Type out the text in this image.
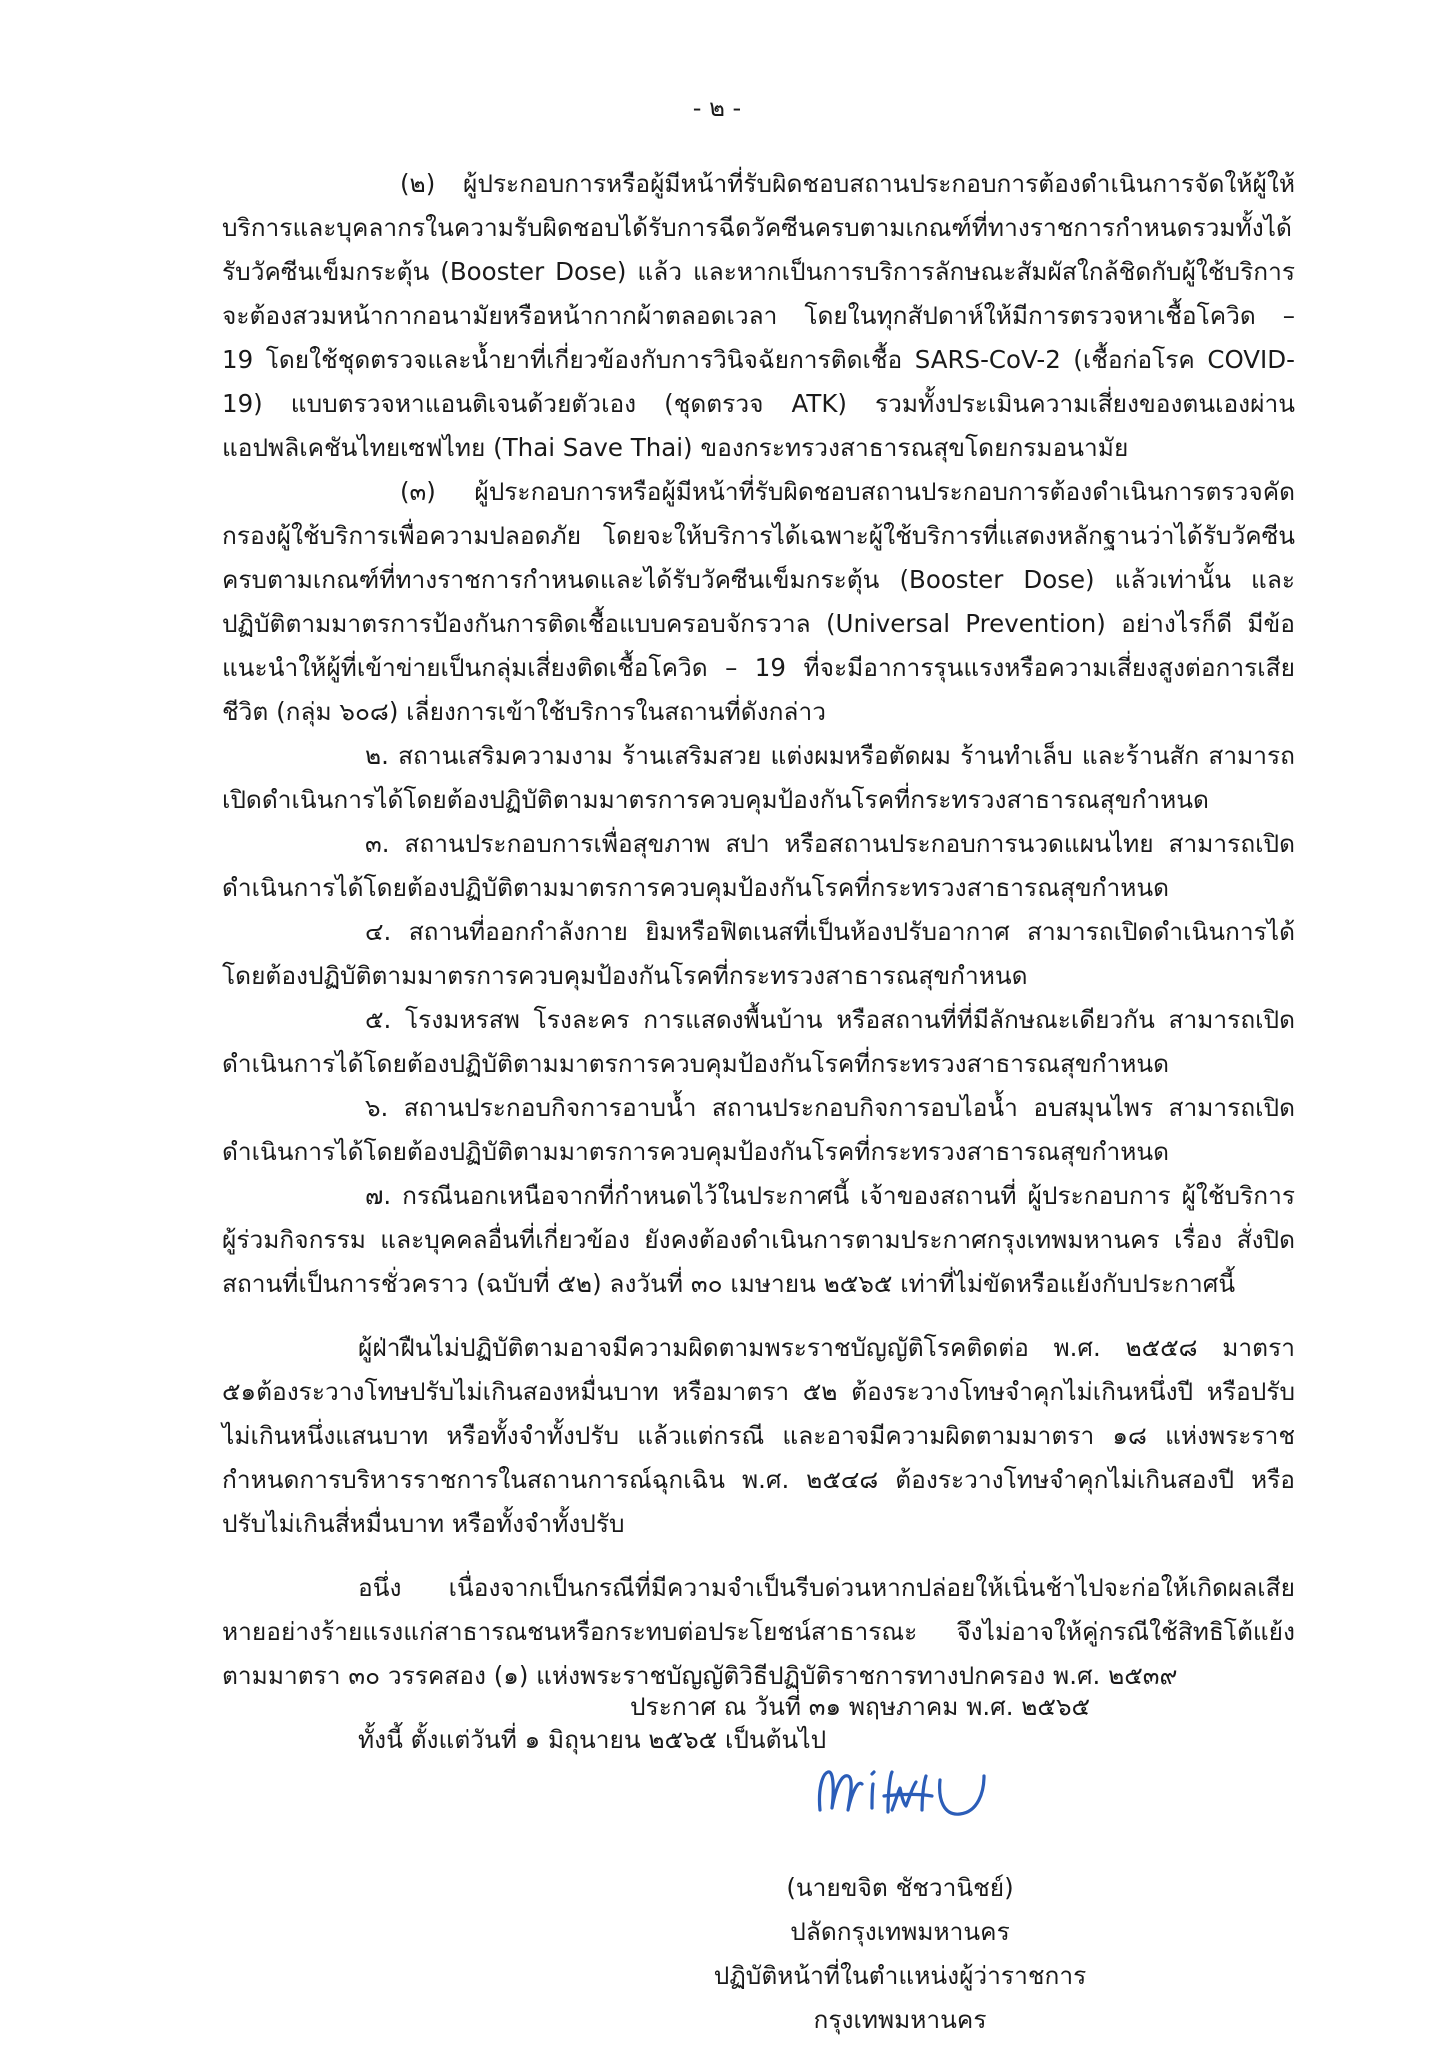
- ๒ -

(๒) ผู้ประกอบการหรือผู้มีหน้าที่รับผิดชอบสถานประกอบการต้องดำเนินการจัดให้ผู้ให้บริการและบุคลากรในความรับผิดชอบได้รับการฉีดวัคซีนครบตามเกณฑ์ที่ทางราชการกำหนดรวมทั้งได้รับวัคซีนเข็มกระตุ้น (Booster Dose) แล้ว และหากเป็นการบริการลักษณะสัมผัสใกล้ชิดกับผู้ใช้บริการจะต้องสวมหน้ากากอนามัยหรือหน้ากากผ้าตลอดเวลา โดยในทุกสัปดาห์ให้มีการตรวจหาเชื้อโควิด – 19 โดยใช้ชุดตรวจและน้ำยาที่เกี่ยวข้องกับการวินิจฉัยการติดเชื้อ SARS-CoV-2 (เชื้อก่อโรค COVID-19) แบบตรวจหาแอนติเจนด้วยตัวเอง (ชุดตรวจ ATK) รวมทั้งประเมินความเสี่ยงของตนเองผ่านแอปพลิเคชันไทยเซฟไทย (Thai Save Thai) ของกระทรวงสาธารณสุขโดยกรมอนามัย

(๓) ผู้ประกอบการหรือผู้มีหน้าที่รับผิดชอบสถานประกอบการต้องดำเนินการตรวจคัดกรองผู้ใช้บริการเพื่อความปลอดภัย โดยจะให้บริการได้เฉพาะผู้ใช้บริการที่แสดงหลักฐานว่าได้รับวัคซีนครบตามเกณฑ์ที่ทางราชการกำหนดและได้รับวัคซีนเข็มกระตุ้น (Booster Dose) แล้วเท่านั้น และปฏิบัติตามมาตรการป้องกันการติดเชื้อแบบครอบจักรวาล (Universal Prevention) อย่างไรก็ดี มีข้อแนะนำให้ผู้ที่เข้าข่ายเป็นกลุ่มเสี่ยงติดเชื้อโควิด – 19 ที่จะมีอาการรุนแรงหรือความเสี่ยงสูงต่อการเสียชีวิต (กลุ่ม ๖๐๘) เลี่ยงการเข้าใช้บริการในสถานที่ดังกล่าว

๒. สถานเสริมความงาม ร้านเสริมสวย แต่งผมหรือตัดผม ร้านทำเล็บ และร้านสัก สามารถเปิดดำเนินการได้โดยต้องปฏิบัติตามมาตรการควบคุมป้องกันโรคที่กระทรวงสาธารณสุขกำหนด

๓. สถานประกอบการเพื่อสุขภาพ สปา หรือสถานประกอบการนวดแผนไทย สามารถเปิดดำเนินการได้โดยต้องปฏิบัติตามมาตรการควบคุมป้องกันโรคที่กระทรวงสาธารณสุขกำหนด

๔. สถานที่ออกกำลังกาย ยิมหรือฟิตเนสที่เป็นห้องปรับอากาศ สามารถเปิดดำเนินการได้โดยต้องปฏิบัติตามมาตรการควบคุมป้องกันโรคที่กระทรวงสาธารณสุขกำหนด

๕. โรงมหรสพ โรงละคร การแสดงพื้นบ้าน หรือสถานที่ที่มีลักษณะเดียวกัน สามารถเปิดดำเนินการได้โดยต้องปฏิบัติตามมาตรการควบคุมป้องกันโรคที่กระทรวงสาธารณสุขกำหนด

๖. สถานประกอบกิจการอาบน้ำ สถานประกอบกิจการอบไอน้ำ อบสมุนไพร สามารถเปิดดำเนินการได้โดยต้องปฏิบัติตามมาตรการควบคุมป้องกันโรคที่กระทรวงสาธารณสุขกำหนด

๗. กรณีนอกเหนือจากที่กำหนดไว้ในประกาศนี้ เจ้าของสถานที่ ผู้ประกอบการ ผู้ใช้บริการผู้ร่วมกิจกรรม และบุคคลอื่นที่เกี่ยวข้อง ยังคงต้องดำเนินการตามประกาศกรุงเทพมหานคร เรื่อง สั่งปิดสถานที่เป็นการชั่วคราว (ฉบับที่ ๕๒) ลงวันที่ ๓๐ เมษายน ๒๕๖๕ เท่าที่ไม่ขัดหรือแย้งกับประกาศนี้

ผู้ฝ่าฝืนไม่ปฏิบัติตามอาจมีความผิดตามพระราชบัญญัติโรคติดต่อ พ.ศ. ๒๕๕๘ มาตรา ๕๑ต้องระวางโทษปรับไม่เกินสองหมื่นบาท หรือมาตรา ๕๒ ต้องระวางโทษจำคุกไม่เกินหนึ่งปี หรือปรับไม่เกินหนึ่งแสนบาท หรือทั้งจำทั้งปรับ แล้วแต่กรณี และอาจมีความผิดตามมาตรา ๑๘ แห่งพระราชกำหนดการบริหารราชการในสถานการณ์ฉุกเฉิน พ.ศ. ๒๕๔๘ ต้องระวางโทษจำคุกไม่เกินสองปี หรือปรับไม่เกินสี่หมื่นบาท หรือทั้งจำทั้งปรับ

อนึ่ง เนื่องจากเป็นกรณีที่มีความจำเป็นรีบด่วนหากปล่อยให้เนิ่นช้าไปจะก่อให้เกิดผลเสียหายอย่างร้ายแรงแก่สาธารณชนหรือกระทบต่อประโยชน์สาธารณะ จึงไม่อาจให้คู่กรณีใช้สิทธิโต้แย้ง ตามมาตรา ๓๐ วรรคสอง (๑) แห่งพระราชบัญญัติวิธีปฏิบัติราชการทางปกครอง พ.ศ. ๒๕๓๙

ทั้งนี้ ตั้งแต่วันที่ ๑ มิถุนายน ๒๕๖๕ เป็นต้นไป

ประกาศ ณ วันที่ ๓๑ พฤษภาคม พ.ศ. ๒๕๖๕
(นายขจิต ชัชวานิชย์)
ปลัดกรุงเทพมหานคร
ปฏิบัติหน้าที่ในตำแหน่งผู้ว่าราชการกรุงเทพมหานคร
